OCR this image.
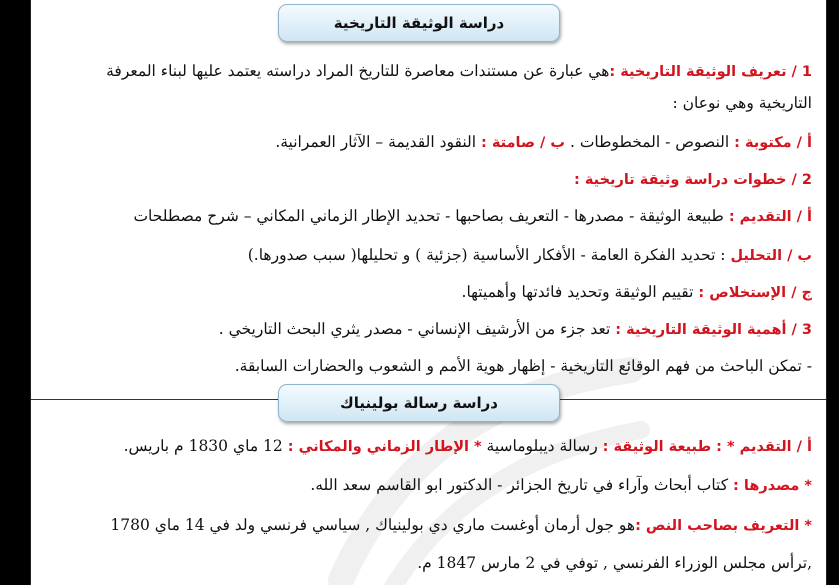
دراسة الوثيقة التاريخية
1 / تعريف الوثيقة التاريخية :هي عبارة عن مستندات معاصرة للتاريخ المراد دراسته يعتمد عليها لبناء المعرفة
التاريخية وهي نوعان :
أ / مكتوبة : النصوص - المخطوطات . ب / صامتة : النقود القديمة – الآثار العمرانية.
2 / خطوات دراسة وثيقة تاريخية :
أ / التقديم : طبيعة الوثيقة - مصدرها - التعريف بصاحبها - تحديد الإطار الزماني المكاني – شرح مصطلحات
ب / التحليل : تحديد الفكرة العامة - الأفكار الأساسية (جزئية ) و تحليلها( سبب صدورها.)
ج / الإستخلاص : تقييم الوثيقة وتحديد فائدتها وأهميتها.
3 / أهمية الوثيقة التاريخية : تعد جزء من الأرشيف الإنساني - مصدر يثري البحث التاريخي .
- تمكن الباحث من فهم الوقائع التاريخية - إظهار هوية الأمم و الشعوب والحضارات السابقة.
دراسة رسالة بولينياك
أ / التقديم * : طبيعة الوثيقة : رسالة ديبلوماسية * الإطار الزماني والمكاني : 12 ماي 1830 م باريس.
* مصدرها : كتاب أبحاث وآراء في تاريخ الجزائر - الدكتور ابو القاسم سعد الله.
* التعريف بصاحب النص :هو جول أرمان أوغست ماري دي بولينياك , سياسي فرنسي ولد في 14 ماي 1780
,ترأس مجلس الوزراء الفرنسي , توفي في 2 مارس 1847 م.
